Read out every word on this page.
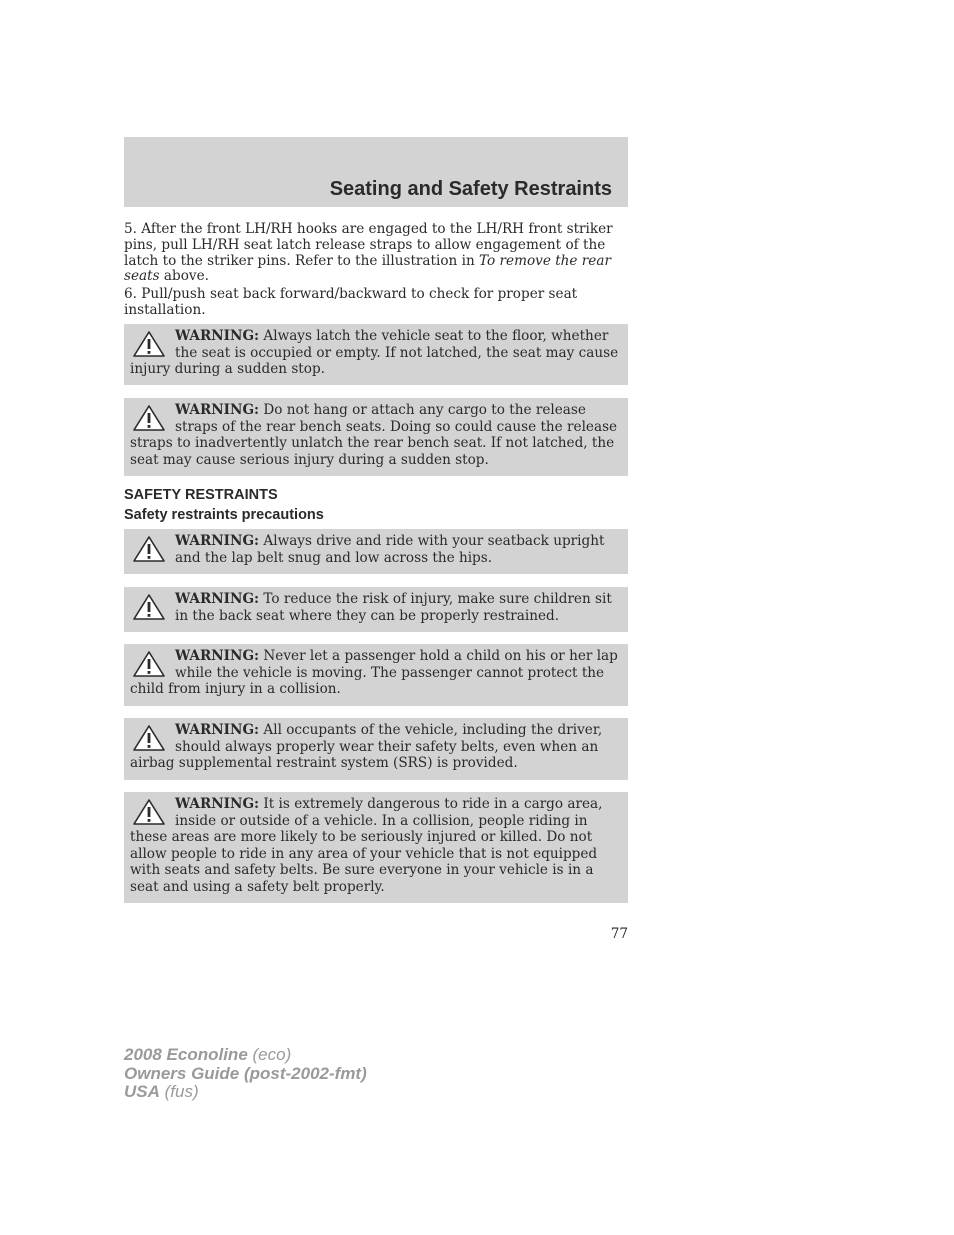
Seating and Safety Restraints

5. After the front LH/RH hooks are engaged to the LH/RH front striker pins, pull LH/RH seat latch release straps to allow engagement of the latch to the striker pins. Refer to the illustration in To remove the rear seats above.

6. Pull/push seat back forward/backward to check for proper seat installation.

WARNING: Always latch the vehicle seat to the floor, whether the seat is occupied or empty. If not latched, the seat may cause injury during a sudden stop.

WARNING: Do not hang or attach any cargo to the release straps of the rear bench seats. Doing so could cause the release straps to inadvertently unlatch the rear bench seat. If not latched, the seat may cause serious injury during a sudden stop.

SAFETY RESTRAINTS
Safety restraints precautions

WARNING: Always drive and ride with your seatback upright and the lap belt snug and low across the hips.

WARNING: To reduce the risk of injury, make sure children sit in the back seat where they can be properly restrained.

WARNING: Never let a passenger hold a child on his or her lap while the vehicle is moving. The passenger cannot protect the child from injury in a collision.

WARNING: All occupants of the vehicle, including the driver, should always properly wear their safety belts, even when an airbag supplemental restraint system (SRS) is provided.

WARNING: It is extremely dangerous to ride in a cargo area, inside or outside of a vehicle. In a collision, people riding in these areas are more likely to be seriously injured or killed. Do not allow people to ride in any area of your vehicle that is not equipped with seats and safety belts. Be sure everyone in your vehicle is in a seat and using a safety belt properly.

77
2008 Econoline (eco)
Owners Guide (post-2002-fmt)
USA (fus)
